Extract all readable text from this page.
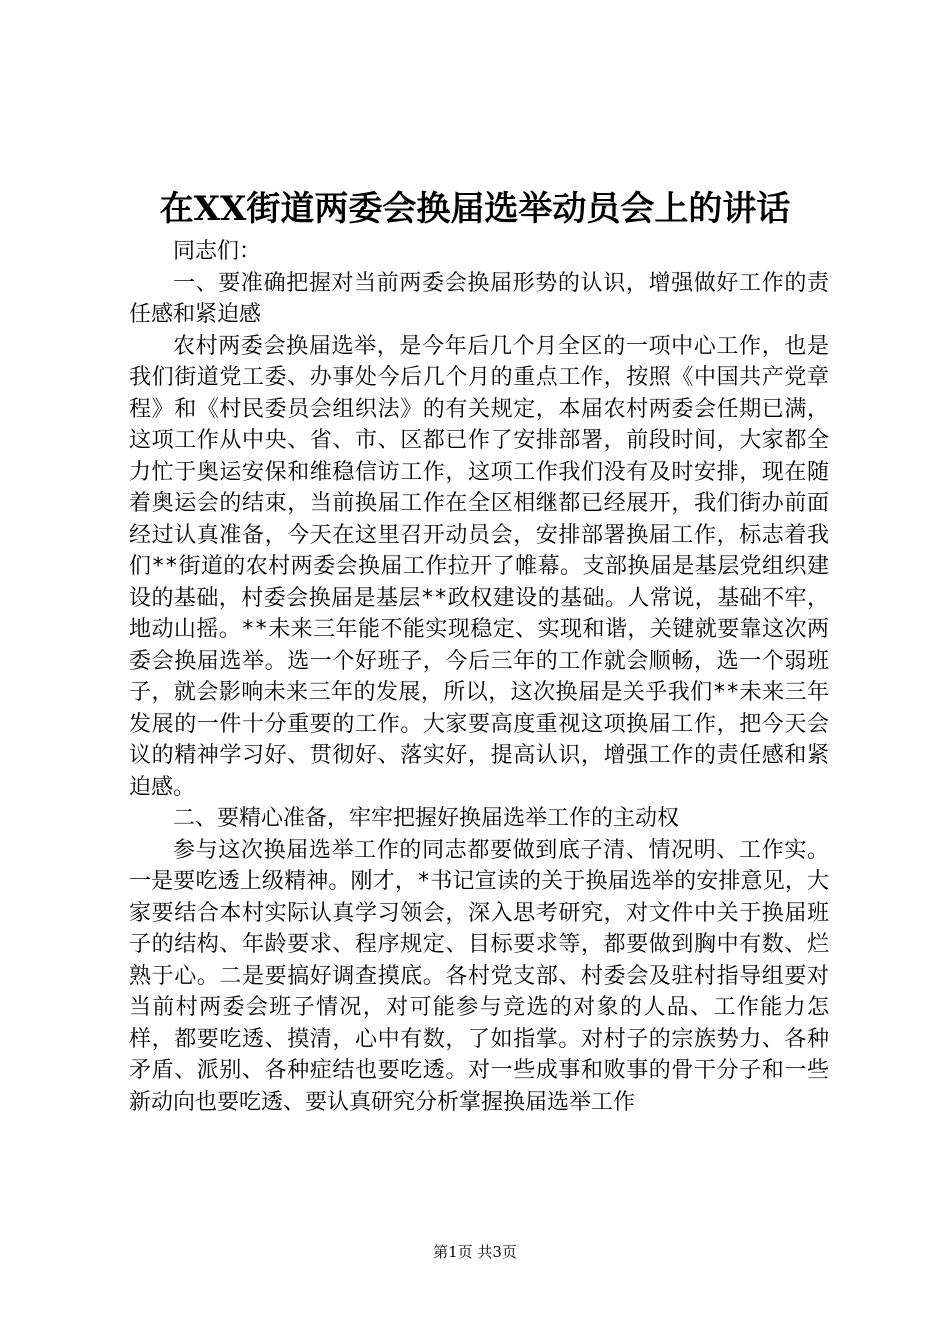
在XX街道两委会换届选举动员会上的讲话

同志们：

一、要准确把握对当前两委会换届形势的认识，增强做好工作的责任感和紧迫感

农村两委会换届选举，是今年后几个月全区的一项中心工作，也是我们街道党工委、办事处今后几个月的重点工作，按照《中国共产党章程》和《村民委员会组织法》的有关规定，本届农村两委会任期已满，这项工作从中央、省、市、区都已作了安排部署，前段时间，大家都全力忙于奥运安保和维稳信访工作，这项工作我们没有及时安排，现在随着奥运会的结束，当前换届工作在全区相继都已经展开，我们街办前面经过认真准备，今天在这里召开动员会，安排部署换届工作，标志着我们**街道的农村两委会换届工作拉开了帷幕。支部换届是基层党组织建设的基础，村委会换届是基层**政权建设的基础。人常说，基础不牢，地动山摇。**未来三年能不能实现稳定、实现和谐，关键就要靠这次两委会换届选举。选一个好班子，今后三年的工作就会顺畅，选一个弱班子，就会影响未来三年的发展，所以，这次换届是关乎我们**未来三年发展的一件十分重要的工作。大家要高度重视这项换届工作，把今天会议的精神学习好、贯彻好、落实好，提高认识，增强工作的责任感和紧迫感。

二、要精心准备，牢牢把握好换届选举工作的主动权

参与这次换届选举工作的同志都要做到底子清、情况明、工作实。一是要吃透上级精神。刚才，*书记宣读的关于换届选举的安排意见，大家要结合本村实际认真学习领会，深入思考研究，对文件中关于换届班子的结构、年龄要求、程序规定、目标要求等，都要做到胸中有数、烂熟于心。二是要搞好调查摸底。各村党支部、村委会及驻村指导组要对当前村两委会班子情况，对可能参与竞选的对象的人品、工作能力怎样，都要吃透、摸清，心中有数，了如指掌。对村子的宗族势力、各种矛盾、派别、各种症结也要吃透。对一些成事和败事的骨干分子和一些新动向也要吃透、要认真研究分析掌握换届选举工作

第1页 共3页
